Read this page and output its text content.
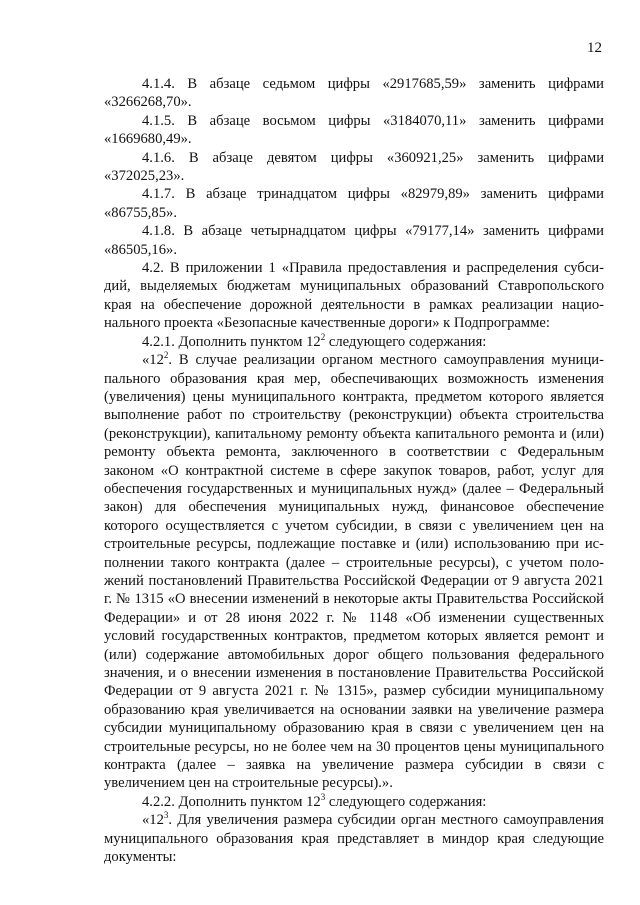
12

4.1.4. В абзаце седьмом цифры «2917685,59» заменить цифрами «3266268,70».

4.1.5. В абзаце восьмом цифры «3184070,11» заменить цифрами «1669680,49».

4.1.6. В абзаце девятом цифры «360921,25» заменить цифрами «372025,23».

4.1.7. В абзаце тринадцатом цифры «82979,89» заменить цифрами «86755,85».

4.1.8. В абзаце четырнадцатом цифры «79177,14» заменить цифрами «86505,16».

4.2. В приложении 1 «Правила предоставления и распределения субсидий, выделяемых бюджетам муниципальных образований Ставропольского края на обеспечение дорожной деятельности в рамках реализации национального проекта «Безопасные качественные дороги» к Подпрограмме:

4.2.1. Дополнить пунктом $12^2$ следующего содержания:

«$12^2$. В случае реализации органом местного самоуправления муниципального образования края мер, обеспечивающих возможность изменения (увеличения) цены муниципального контракта, предметом которого является выполнение работ по строительству (реконструкции) объекта строительства (реконструкции), капитальному ремонту объекта капитального ремонта и (или) ремонту объекта ремонта, заключенного в соответствии с Федеральным законом «О контрактной системе в сфере закупок товаров, работ, услуг для обеспечения государственных и муниципальных нужд» (далее – Федеральный закон) для обеспечения муниципальных нужд, финансовое обеспечение которого осуществляется с учетом субсидии, в связи с увеличением цен на строительные ресурсы, подлежащие поставке и (или) использованию при исполнении такого контракта (далее – строительные ресурсы), с учетом положений постановлений Правительства Российской Федерации от 9 августа 2021 г. № 1315 «О внесении изменений в некоторые акты Правительства Российской Федерации» и от 28 июня 2022 г. № 1148 «Об изменении существенных условий государственных контрактов, предметом которых является ремонт и (или) содержание автомобильных дорог общего пользования федерального значения, и о внесении изменения в постановление Правительства Российской Федерации от 9 августа 2021 г. № 1315», размер субсидии муниципальному образованию края увеличивается на основании заявки на увеличение размера субсидии муниципальному образованию края в связи с увеличением цен на строительные ресурсы, но не более чем на 30 процентов цены муниципального контракта (далее – заявка на увеличение размера субсидии в связи с увеличением цен на строительные ресурсы).».

4.2.2. Дополнить пунктом $12^3$ следующего содержания:

«$12^3$. Для увеличения размера субсидии орган местного самоуправления муниципального образования края представляет в миндор края следующие документы:
